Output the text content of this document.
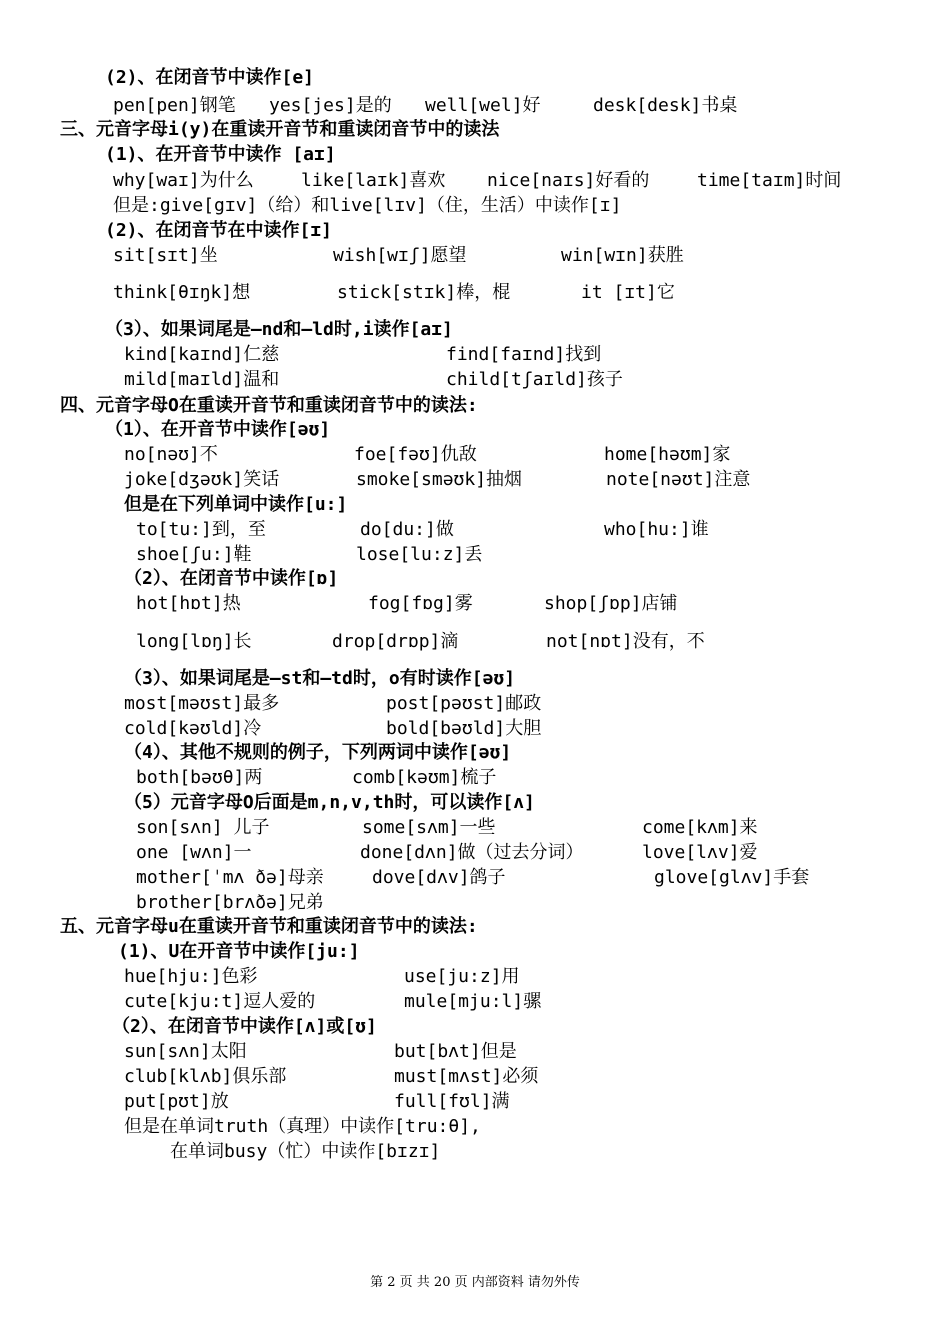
(2)、在闭音节中读作[e]
pen[pen]钢笔 yes[jes]是的 well[wel]好	desk[desk]书桌
三、元音字母i(y)在重读开音节和重读闭音节中的读法
(1)、在开音节中读作 [aɪ]
why[waɪ]为什么	like[laɪk]喜欢 nice[naɪs]好看的	time[taɪm]时间
但是:give[gɪv]（给）和live[lɪv]（住，生活）中读作[ɪ]
(2)、在闭音节在中读作[ɪ]
sit[sɪt]坐	wish[wɪʃ]愿望	win[wɪn]获胜
think[θɪŋk]想	stick[stɪk]棒，棍	it [ɪt]它
（3）、如果词尾是—nd和—ld时,i读作[aɪ]
kind[kaɪnd]仁慈	find[faɪnd]找到
mild[maɪld]温和	child[tʃaɪld]孩子
四、元音字母O在重读开音节和重读闭音节中的读法:
（1）、在开音节中读作[əʊ]
no[nəʊ]不	foe[fəʊ]仇敌	home[həʊm]家
joke[dʒəʊk]笑话	smoke[sməʊk]抽烟	note[nəʊt]注意
但是在下列单词中读作[u:]
to[tu:]到，至	do[du:]做	who[hu:]谁
shoe[ʃu:]鞋	lose[lu:z]丢
（2）、在闭音节中读作[ɒ]
hot[hɒt]热	fog[fɒg]雾	shop[ʃɒp]店铺
long[lɒŋ]长	drop[drɒp]滴	not[nɒt]没有，不
（3）、如果词尾是—st和—td时，o有时读作[əʊ]
most[məʊst]最多	post[pəʊst]邮政
cold[kəʊld]冷	bold[bəʊld]大胆
（4）、其他不规则的例子，下列两词中读作[əʊ]
both[bəʊθ]两	comb[kəʊm]梳子
（5）元音字母O后面是m,n,v,th时，可以读作[ʌ]
son[sʌn] 儿子	some[sʌm]一些	come[kʌm]来
one [wʌn]一	done[dʌn]做（过去分词）	love[lʌv]爱
mother[ˈmʌ ðə]母亲	dove[dʌv]鸽子	glove[glʌv]手套
brother[brʌðə]兄弟
五、元音字母u在重读开音节和重读闭音节中的读法:
(1)、U在开音节中读作[ju:]
hue[hju:]色彩	use[ju:z]用
cute[kju:t]逗人爱的	mule[mju:l]骡
（2）、在闭音节中读作[ʌ]或[ʊ]
sun[sʌn]太阳	but[bʌt]但是
club[klʌb]俱乐部	must[mʌst]必须
put[pʊt]放	full[fʊl]满
但是在单词truth（真理）中读作[tru:θ],
在单词busy（忙）中读作[bɪzɪ]
第 2 页 共 20 页 内部资料 请勿外传
